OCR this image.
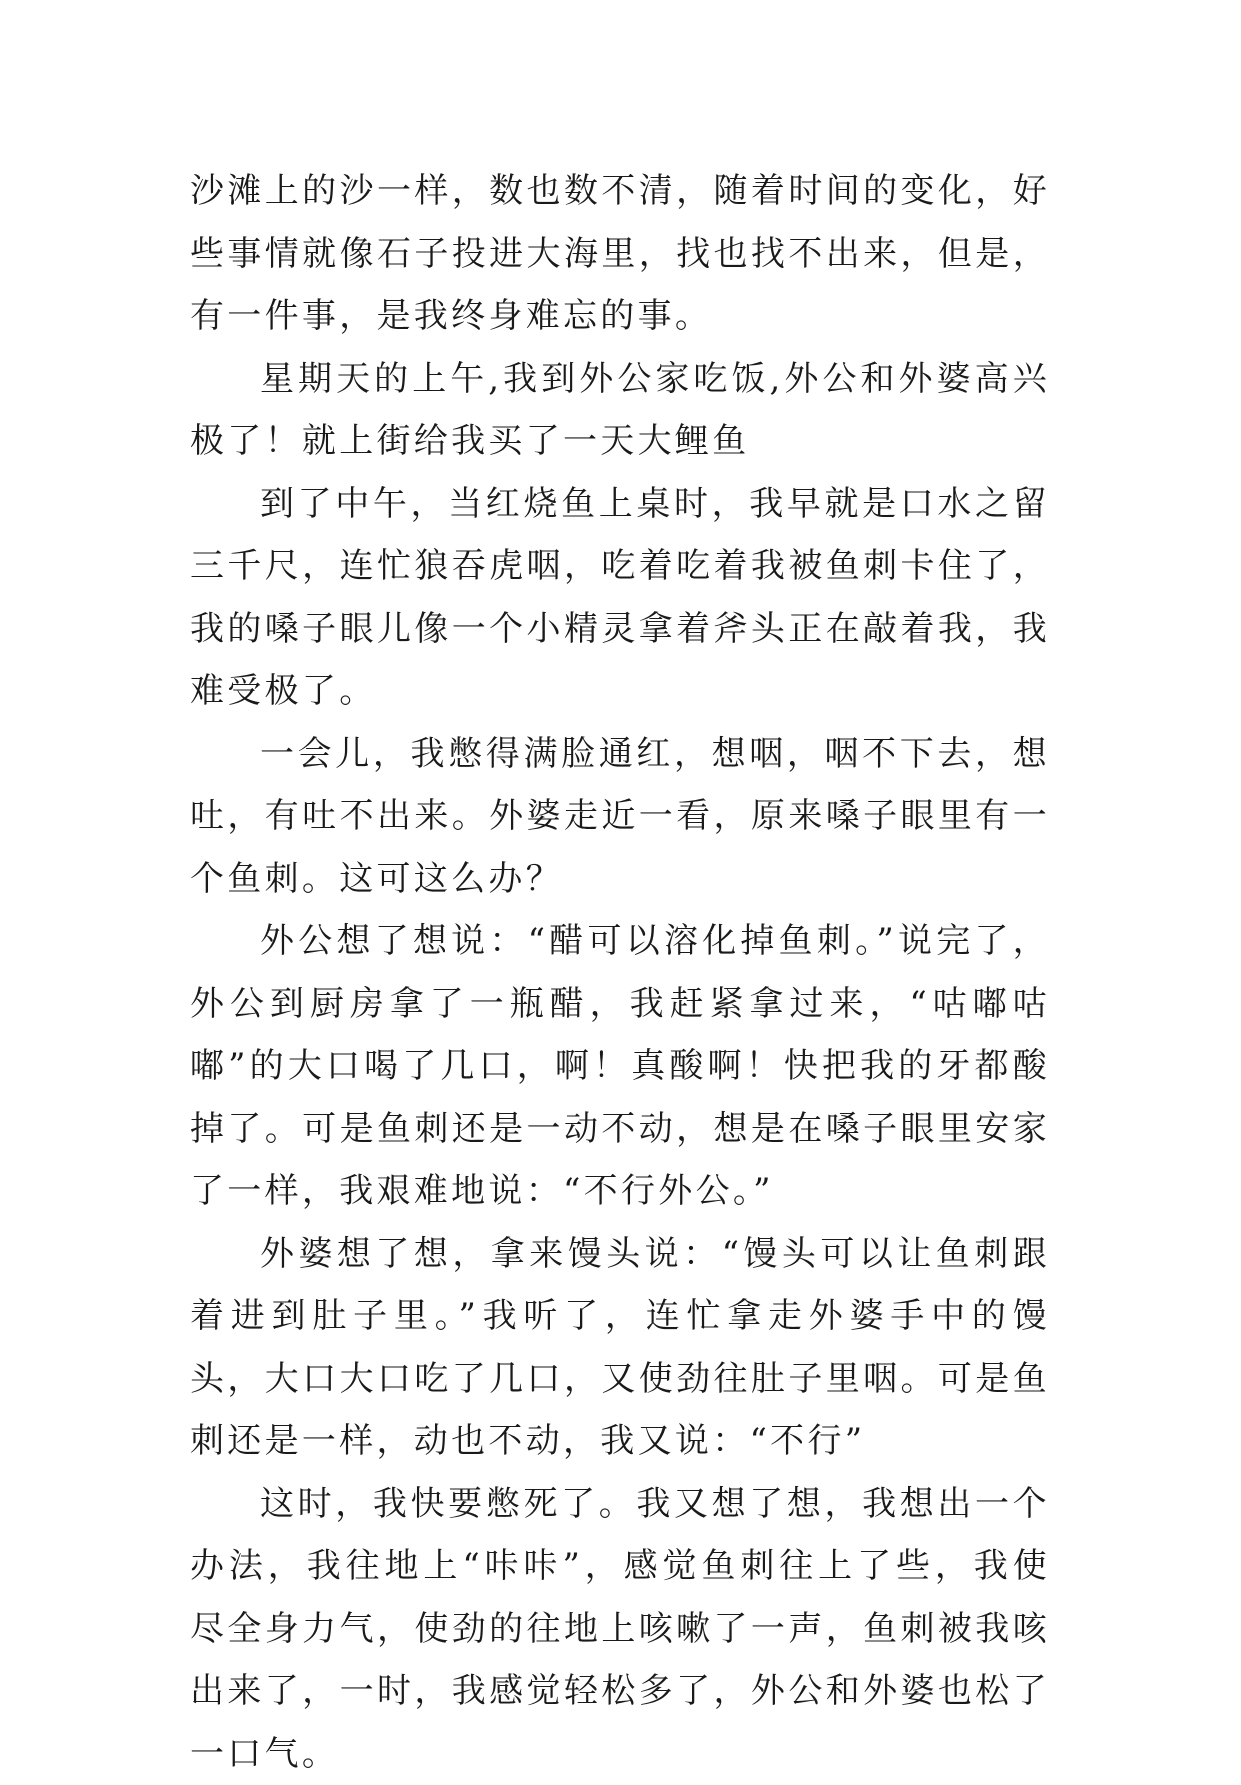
沙滩上的沙一样，数也数不清，随着时间的变化，好些事情就像石子投进大海里，找也找不出来，但是，有一件事，是我终身难忘的事。

星期天的上午,我到外公家吃饭,外公和外婆高兴极了！就上街给我买了一天大鲤鱼

到了中午，当红烧鱼上桌时，我早就是口水之留三千尺，连忙狼吞虎咽，吃着吃着我被鱼刺卡住了，我的嗓子眼儿像一个小精灵拿着斧头正在敲着我，我难受极了。

一会儿，我憋得满脸通红，想咽，咽不下去，想吐，有吐不出来。外婆走近一看，原来嗓子眼里有一个鱼刺。这可这么办？

外公想了想说：“醋可以溶化掉鱼刺。”说完了，外公到厨房拿了一瓶醋，我赶紧拿过来，“咕嘟咕嘟”的大口喝了几口，啊！真酸啊！快把我的牙都酸掉了。可是鱼刺还是一动不动，想是在嗓子眼里安家了一样，我艰难地说：“不行外公。”

外婆想了想，拿来馒头说：“馒头可以让鱼刺跟着进到肚子里。”我听了，连忙拿走外婆手中的馒头，大口大口吃了几口，又使劲往肚子里咽。可是鱼刺还是一样，动也不动，我又说：“不行”

这时，我快要憋死了。我又想了想，我想出一个办法，我往地上“咔咔”，感觉鱼刺往上了些，我使尽全身力气，使劲的往地上咳嗽了一声，鱼刺被我咳出来了，一时，我感觉轻松多了，外公和外婆也松了一口气。
